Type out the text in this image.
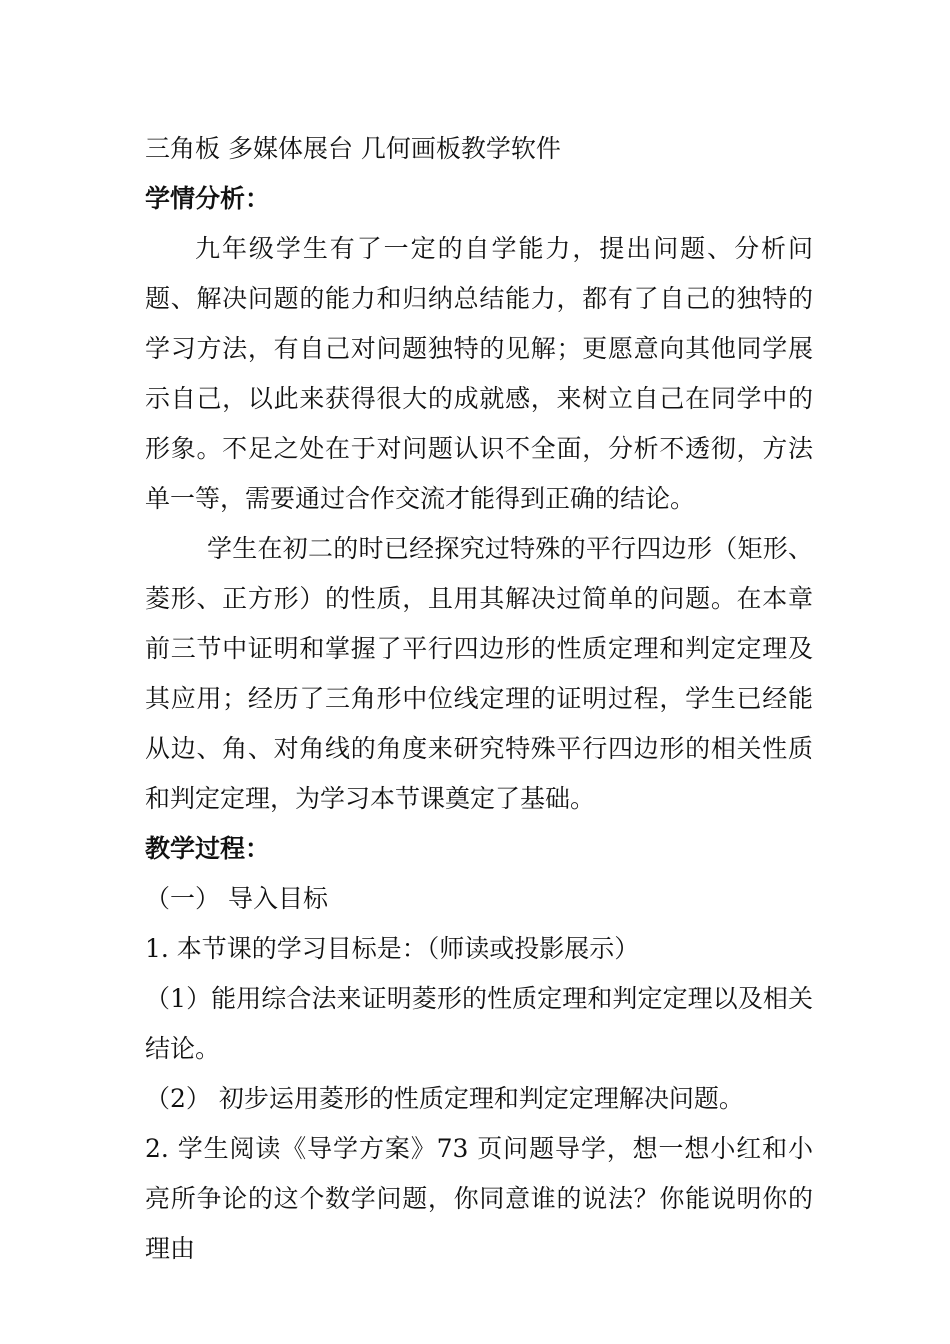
三角板 多媒体展台 几何画板教学软件

学情分析：

九年级学生有了一定的自学能力，提出问题、分析问题、解决问题的能力和归纳总结能力，都有了自己的独特的学习方法，有自己对问题独特的见解；更愿意向其他同学展示自己，以此来获得很大的成就感，来树立自己在同学中的形象。不足之处在于对问题认识不全面，分析不透彻，方法单一等，需要通过合作交流才能得到正确的结论。

学生在初二的时已经探究过特殊的平行四边形（矩形、菱形、正方形）的性质，且用其解决过简单的问题。在本章前三节中证明和掌握了平行四边形的性质定理和判定定理及其应用；经历了三角形中位线定理的证明过程，学生已经能从边、角、对角线的角度来研究特殊平行四边形的相关性质和判定定理，为学习本节课奠定了基础。

教学过程：

（一） 导入目标

1. 本节课的学习目标是：（师读或投影展示）

（1）能用综合法来证明菱形的性质定理和判定定理以及相关结论。

（2） 初步运用菱形的性质定理和判定定理解决问题。

2. 学生阅读《导学方案》73 页问题导学，想一想小红和小亮所争论的这个数学问题，你同意谁的说法？你能说明你的理由
